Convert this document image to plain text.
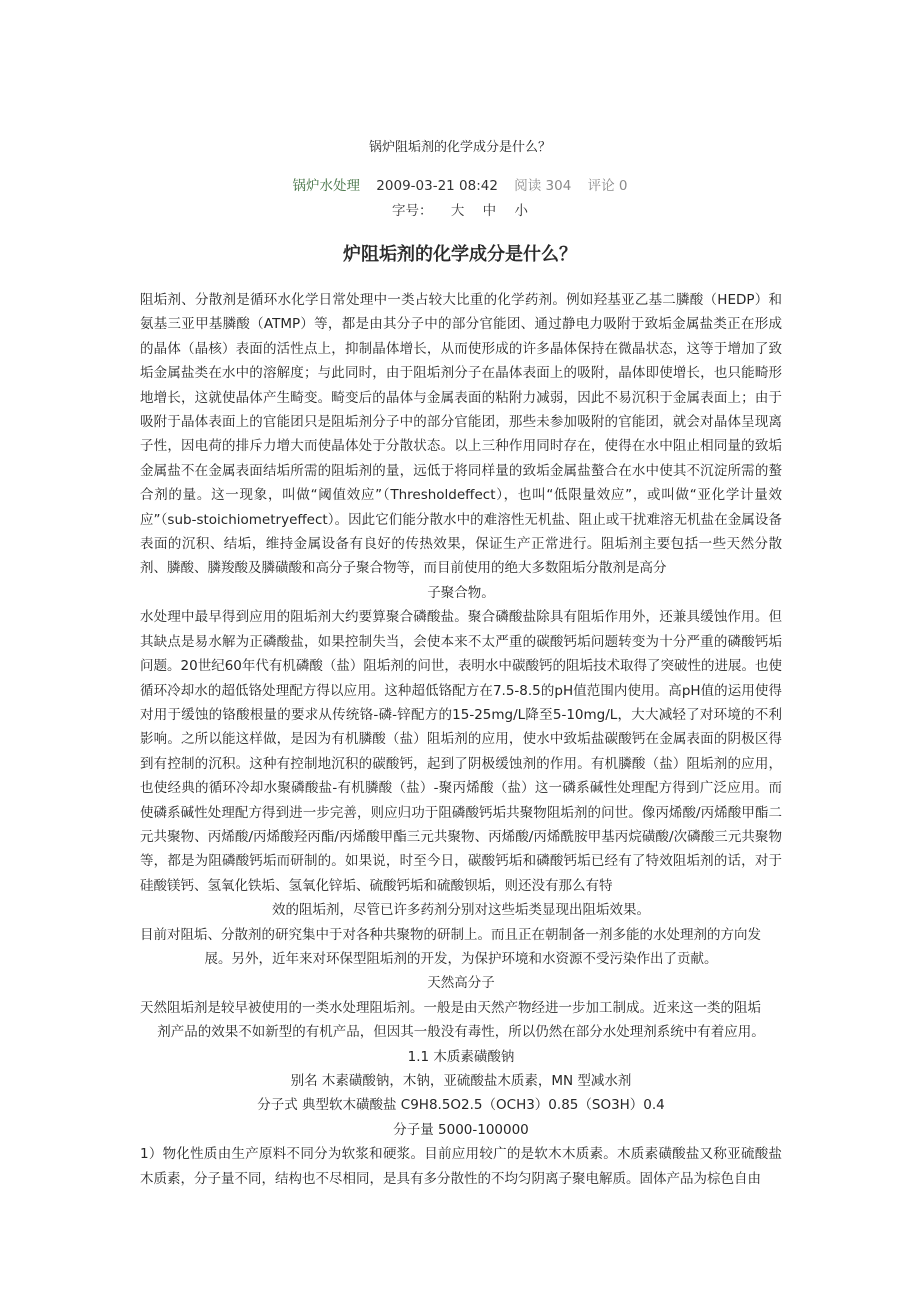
锅炉阻垢剂的化学成分是什么？
锅炉水处理 2009-03-21 08:42 阅读 304 评论 0
字号： 大 中 小
炉阻垢剂的化学成分是什么？

阻垢剂、分散剂是循环水化学日常处理中一类占较大比重的化学药剂。例如羟基亚乙基二膦酸（HEDP）和氨基三亚甲基膦酸（ATMP）等，都是由其分子中的部分官能团、通过静电力吸附于致垢金属盐类正在形成的晶体（晶核）表面的活性点上，抑制晶体增长，从而使形成的许多晶体保持在微晶状态，这等于增加了致垢金属盐类在水中的溶解度；与此同时，由于阻垢剂分子在晶体表面上的吸附，晶体即使增长，也只能畸形地增长，这就使晶体产生畸变。畸变后的晶体与金属表面的粘附力减弱，因此不易沉积于金属表面上；由于吸附于晶体表面上的官能团只是阻垢剂分子中的部分官能团，那些未参加吸附的官能团，就会对晶体呈现离子性，因电荷的排斥力增大而使晶体处于分散状态。以上三种作用同时存在，使得在水中阻止相同量的致垢金属盐不在金属表面结垢所需的阻垢剂的量，远低于将同样量的致垢金属盐螯合在水中使其不沉淀所需的螯合剂的量。这一现象，叫做“阈值效应”（Thresholdeffect），也叫“低限量效应”，或叫做“亚化学计量效应”（sub-stoichiometryeffect）。因此它们能分散水中的难溶性无机盐、阻止或干扰难溶无机盐在金属设备表面的沉积、结垢，维持金属设备有良好的传热效果，保证生产正常进行。阻垢剂主要包括一些天然分散剂、膦酸、膦羧酸及膦磺酸和高分子聚合物等，而目前使用的绝大多数阻垢分散剂是高分

子聚合物。

水处理中最早得到应用的阻垢剂大约要算聚合磷酸盐。聚合磷酸盐除具有阻垢作用外，还兼具缓蚀作用。但其缺点是易水解为正磷酸盐，如果控制失当，会使本来不太严重的碳酸钙垢问题转变为十分严重的磷酸钙垢问题。20世纪60年代有机磷酸（盐）阻垢剂的问世，表明水中碳酸钙的阻垢技术取得了突破性的进展。也使循环冷却水的超低铬处理配方得以应用。这种超低铬配方在7.5-8.5的pH值范围内使用。高pH值的运用使得对用于缓蚀的铬酸根量的要求从传统铬-磷-锌配方的15-25mg/L降至5-10mg/L，大大减轻了对环境的不利影响。之所以能这样做，是因为有机膦酸（盐）阻垢剂的应用，使水中致垢盐碳酸钙在金属表面的阴极区得到有控制的沉积。这种有控制地沉积的碳酸钙，起到了阴极缓蚀剂的作用。有机膦酸（盐）阻垢剂的应用，也使经典的循环冷却水聚磷酸盐-有机膦酸（盐）-聚丙烯酸（盐）这一磷系碱性处理配方得到广泛应用。而使磷系碱性处理配方得到进一步完善，则应归功于阻磷酸钙垢共聚物阻垢剂的问世。像丙烯酸/丙烯酸甲酯二元共聚物、丙烯酸/丙烯酸羟丙酯/丙烯酸甲酯三元共聚物、丙烯酸/丙烯酰胺甲基丙烷磺酸/次磷酸三元共聚物等，都是为阻磷酸钙垢而研制的。如果说，时至今日，碳酸钙垢和磷酸钙垢已经有了特效阻垢剂的话，对于硅酸镁钙、氢氧化铁垢、氢氧化锌垢、硫酸钙垢和硫酸钡垢，则还没有那么有特

效的阻垢剂，尽管已许多药剂分别对这些垢类显现出阻垢效果。

目前对阻垢、分散剂的研究集中于对各种共聚物的研制上。而且正在朝制备一剂多能的水处理剂的方向发

展。另外，近年来对环保型阻垢剂的开发，为保护环境和水资源不受污染作出了贡献。

天然高分子

天然阻垢剂是较早被使用的一类水处理阻垢剂。一般是由天然产物经进一步加工制成。近来这一类的阻垢

剂产品的效果不如新型的有机产品，但因其一般没有毒性，所以仍然在部分水处理剂系统中有着应用。

1.1 木质素磺酸钠

别名 木素磺酸钠，木钠，亚硫酸盐木质素，MN 型减水剂

分子式 典型软木磺酸盐 C9H8.5O2.5（OCH3）0.85（SO3H）0.4

分子量 5000-100000

1）物化性质由生产原料不同分为软浆和硬浆。目前应用较广的是软木木质素。木质素磺酸盐又称亚硫酸盐木质素，分子量不同，结构也不尽相同，是具有多分散性的不均匀阴离子聚电解质。固体产品为棕色自由
